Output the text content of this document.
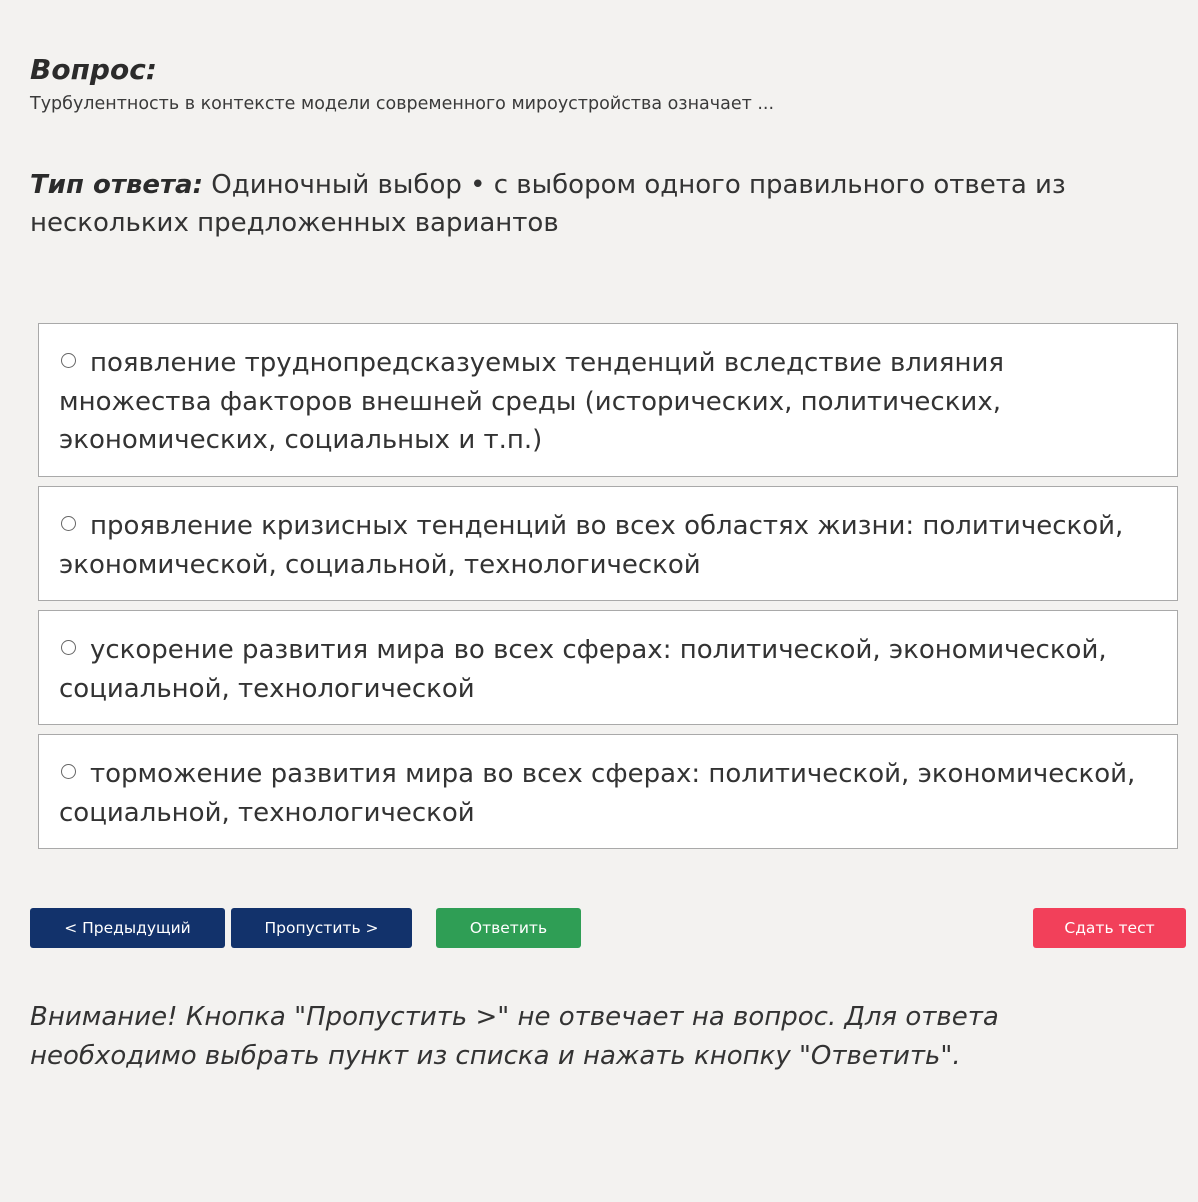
Вопрос:
Турбулентность в контексте модели современного мироустройства означает ...
Тип ответа: Одиночный выбор • с выбором одного правильного ответа из нескольких предложенных вариантов
появление труднопредсказуемых тенденций вследствие влияния множества факторов внешней среды (исторических, политических, экономических, социальных и т.п.)
проявление кризисных тенденций во всех областях жизни: политической, экономической, социальной, технологической
ускорение развития мира во всех сферах: политической, экономической, социальной, технологической
торможение развития мира во всех сферах: политической, экономической, социальной, технологической
< Предыдущий	Пропустить >	Ответить	Сдать тест
Внимание! Кнопка "Пропустить >" не отвечает на вопрос. Для ответа необходимо выбрать пункт из списка и нажать кнопку "Ответить".
